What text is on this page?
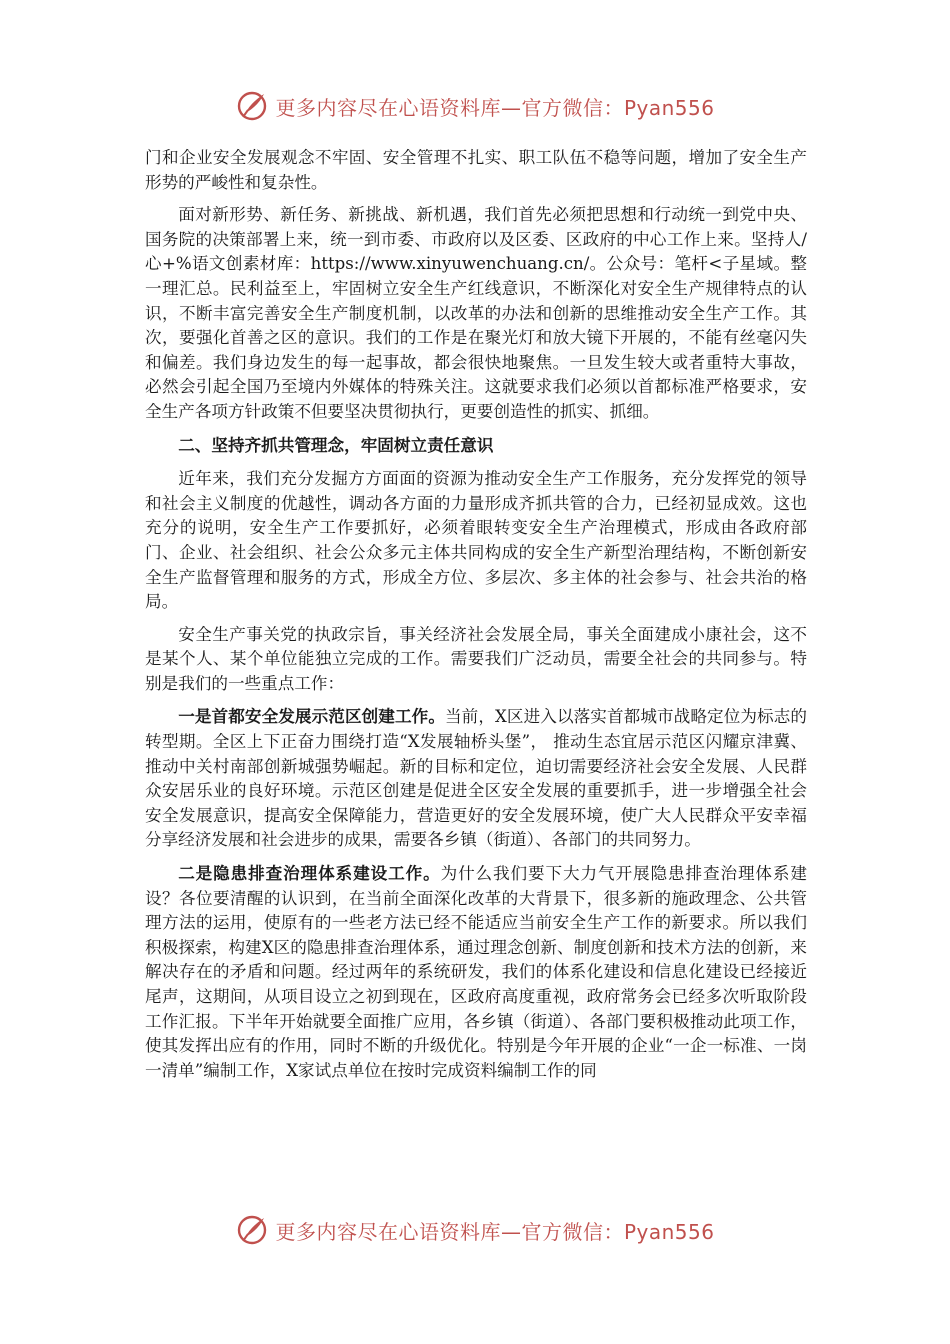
更多内容尽在心语资料库—官方微信：Pyan556

门和企业安全发展观念不牢固、安全管理不扎实、职工队伍不稳等问题，增加了安全生产形势的严峻性和复杂性。

面对新形势、新任务、新挑战、新机遇，我们首先必须把思想和行动统一到党中央、国务院的决策部署上来，统一到市委、市政府以及区委、区政府的中心工作上来。坚持人/心+%语文创素材库：https://www.xinyuwenchuang.cn/。公众号：笔杆<子星域。整一理汇总。民利益至上，牢固树立安全生产红线意识，不断深化对安全生产规律特点的认识，不断丰富完善安全生产制度机制，以改革的办法和创新的思维推动安全生产工作。其次，要强化首善之区的意识。我们的工作是在聚光灯和放大镜下开展的，不能有丝毫闪失和偏差。我们身边发生的每一起事故，都会很快地聚焦。一旦发生较大或者重特大事故，必然会引起全国乃至境内外媒体的特殊关注。这就要求我们必须以首都标准严格要求，安全生产各项方针政策不但要坚决贯彻执行，更要创造性的抓实、抓细。

二、坚持齐抓共管理念，牢固树立责任意识

近年来，我们充分发掘方方面面的资源为推动安全生产工作服务，充分发挥党的领导和社会主义制度的优越性，调动各方面的力量形成齐抓共管的合力，已经初显成效。这也充分的说明，安全生产工作要抓好，必须着眼转变安全生产治理模式，形成由各政府部门、企业、社会组织、社会公众多元主体共同构成的安全生产新型治理结构，不断创新安全生产监督管理和服务的方式，形成全方位、多层次、多主体的社会参与、社会共治的格局。

安全生产事关党的执政宗旨，事关经济社会发展全局，事关全面建成小康社会，这不是某个人、某个单位能独立完成的工作。需要我们广泛动员，需要全社会的共同参与。特别是我们的一些重点工作：

一是首都安全发展示范区创建工作。当前，X区进入以落实首都城市战略定位为标志的转型期。全区上下正奋力围绕打造“X发展轴桥头堡”， 推动生态宜居示范区闪耀京津冀、推动中关村南部创新城强势崛起。新的目标和定位，迫切需要经济社会安全发展、人民群众安居乐业的良好环境。示范区创建是促进全区安全发展的重要抓手，进一步增强全社会安全发展意识，提高安全保障能力，营造更好的安全发展环境，使广大人民群众平安幸福分享经济发展和社会进步的成果，需要各乡镇（街道）、各部门的共同努力。

二是隐患排查治理体系建设工作。为什么我们要下大力气开展隐患排查治理体系建设？各位要清醒的认识到，在当前全面深化改革的大背景下，很多新的施政理念、公共管理方法的运用，使原有的一些老方法已经不能适应当前安全生产工作的新要求。所以我们积极探索，构建X区的隐患排查治理体系，通过理念创新、制度创新和技术方法的创新，来解决存在的矛盾和问题。经过两年的系统研发，我们的体系化建设和信息化建设已经接近尾声，这期间，从项目设立之初到现在，区政府高度重视，政府常务会已经多次听取阶段工作汇报。下半年开始就要全面推广应用，各乡镇（街道）、各部门要积极推动此项工作，使其发挥出应有的作用，同时不断的升级优化。特别是今年开展的企业“一企一标准、一岗一清单”编制工作，X家试点单位在按时完成资料编制工作的同

更多内容尽在心语资料库—官方微信：Pyan556
